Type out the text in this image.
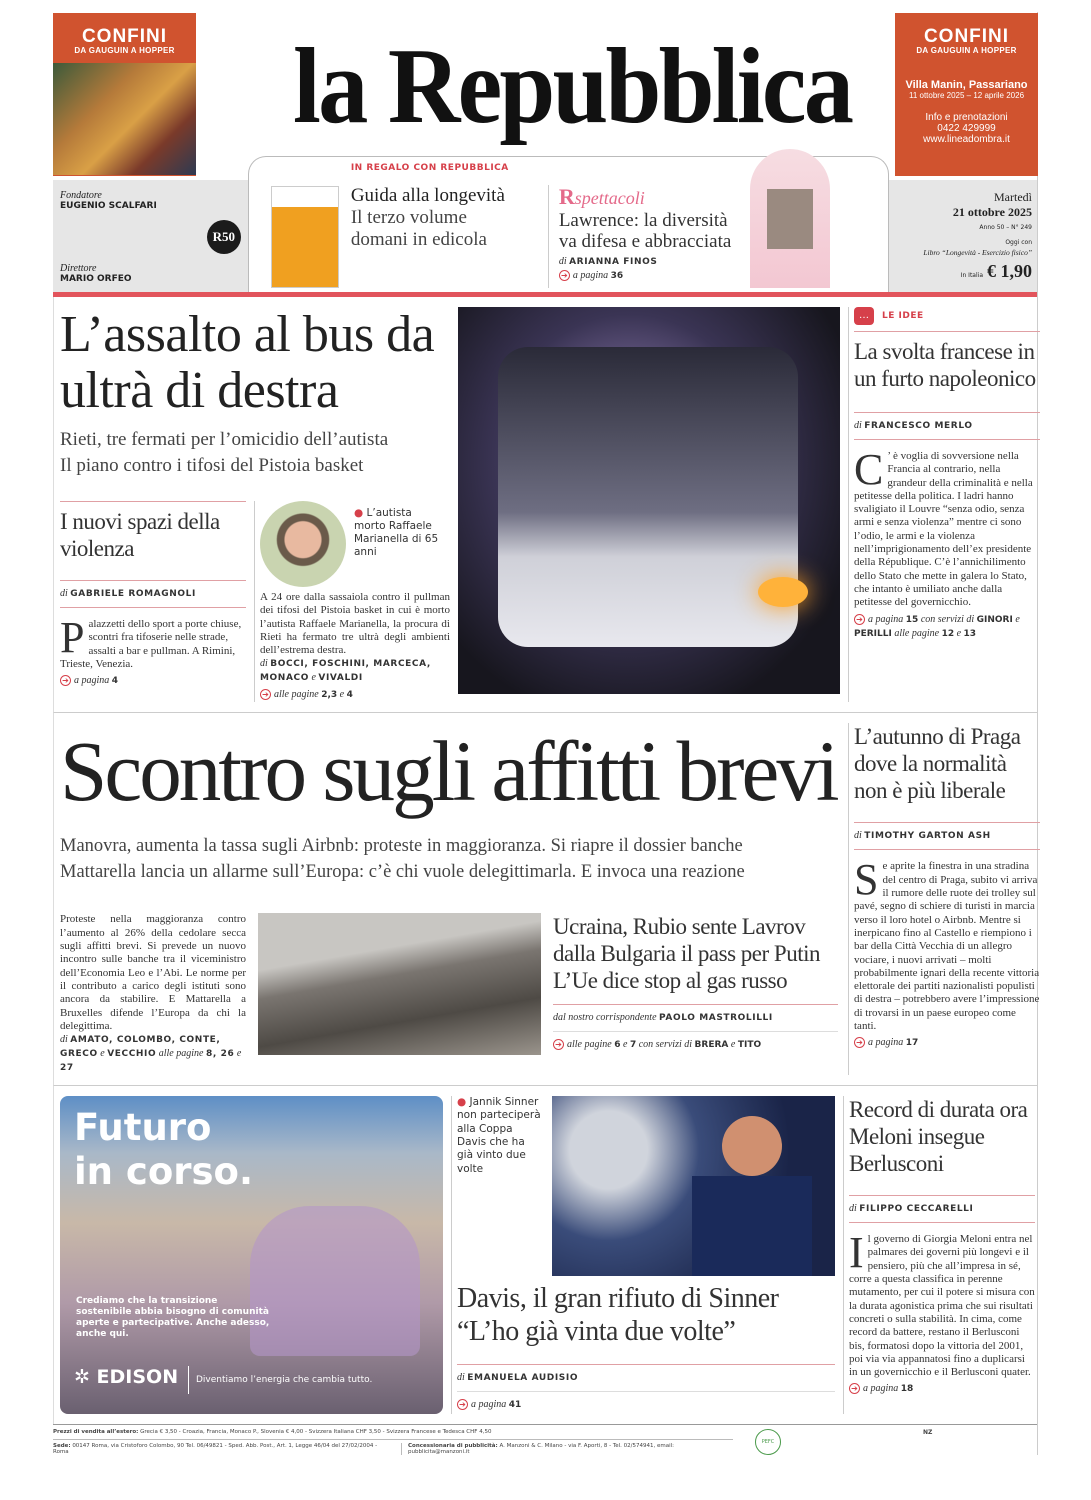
CONFINI
DA GAUGUIN A HOPPER la Repubblica	CONFINI
DA GAUGUIN A HOPPER
Villa Manin, Passariano
11 ottobre 2025 – 12 aprile 2026
Info e prenotazioni
0422 429999
www.lineadombra.it
Fondatore
EUGENIO SCALFARI
Direttore
MARIO ORFEO
R50
IN REGALO CON REPUBBLICA
Guida alla longevità
Il terzo volume
domani in edicola
Rspettacoli
Lawrence: la diversità va difesa e abbracciata
di ARIANNA FINOS
➔ a pagina 36
Martedì
21 ottobre 2025
Anno 50 – N° 249
Oggi con
Libro “Longevità - Esercizio fisico”
In Italia € 1,90
L’assalto al bus da ultrà di destra
Rieti, tre fermati per l’omicidio dell’autista
Il piano contro i tifosi del Pistoia basket
I nuovi spazi della violenza
di GABRIELE ROMAGNOLI
Palazzetti dello sport a porte chiuse, scontri fra tifoserie nelle strade, assalti a bar e pullman. A Rimini, Trieste, Venezia.
➔ a pagina 4
● L’autista morto Raffaele Marianella di 65 anni
A 24 ore dalla sassaiola contro il pullman dei tifosi del Pistoia basket in cui è morto l’autista Raffaele Marianella, la procura di Rieti ha fermato tre ultrà degli ambienti dell’estrema destra.
di BOCCI, FOSCHINI, MARCECA, MONACO e VIVALDI
➔ alle pagine 2,3 e 4
…	LE IDEE
La svolta francese in un furto napoleonico
di FRANCESCO MERLO
C ’ è voglia di sovversione nella Francia al contrario, nella grandeur della criminalità e nella petitesse della politica. I ladri hanno svaligiato il Louvre “senza odio, senza armi e senza violenza” mentre ci sono l’odio, le armi e la violenza nell’imprigionamento dell’ex presidente della République. C’è l’annichilimento dello Stato che mette in galera lo Stato, che intanto è umiliato anche dalla petitesse del governicchio.
➔ a pagina 15 con servizi di GINORI e PERILLI alle pagine 12 e 13
Scontro sugli affitti brevi
Manovra, aumenta la tassa sugli Airbnb: proteste in maggioranza. Si riapre il dossier banche
Mattarella lancia un allarme sull’Europa: c’è chi vuole delegittimarla. E invoca una reazione
Proteste nella maggioranza contro l’aumento al 26% della cedolare secca sugli affitti brevi. Si prevede un nuovo incontro sulle banche tra il viceministro dell’Economia Leo e l’Abi. Le norme per il contributo a carico degli istituti sono ancora da stabilire. E Mattarella a Bruxelles difende l’Europa da chi la delegittima.
di AMATO, COLOMBO, CONTE, GRECO e VECCHIO alle pagine 8, 26 e 27
Ucraina, Rubio sente Lavrov dalla Bulgaria il pass per Putin L’Ue dice stop al gas russo
dal nostro corrispondente PAOLO MASTROLILLI
➔ alle pagine 6 e 7 con servizi di BRERA e TITO
L’autunno di Praga dove la normalità non è più liberale
di TIMOTHY GARTON ASH
Se aprite la finestra in una stradina del centro di Praga, subito vi arriva il rumore delle ruote dei trolley sul pavé, segno di schiere di turisti in marcia verso il loro hotel o Airbnb. Mentre si inerpicano fino al Castello e riempiono i bar della Città Vecchia di un allegro vociare, i nuovi arrivati – molti probabilmente ignari della recente vittoria elettorale dei partiti nazionalisti populisti di destra – potrebbero avere l’impressione di trovarsi in un paese europeo come tanti.
➔ a pagina 17
Futuro
in corso.
Crediamo che la transizione sostenibile abbia bisogno di comunità aperte e partecipative. Anche adesso, anche qui.
✲ EDISON Diventiamo l’energia che cambia tutto.
● Jannik Sinner non parteciperà alla Coppa Davis che ha già vinto due volte
Davis, il gran rifiuto di Sinner
“L’ho già vinta due volte”
di EMANUELA AUDISIO
➔ a pagina 41
Record di durata ora Meloni insegue Berlusconi
di FILIPPO CECCARELLI
Il governo di Giorgia Meloni entra nel palmares dei governi più longevi e il pensiero, più che all’impresa in sé, corre a questa classifica in perenne mutamento, per cui il potere si misura con la durata agonistica prima che sui risultati concreti o sulla stabilità. In cima, come record da battere, restano il Berlusconi bis, formatosi dopo la vittoria del 2001, poi via via appannatosi fino a duplicarsi in un governicchio e il Berlusconi quater.
➔ a pagina 18
Prezzi di vendita all’estero: Grecia € 3,50 - Croazia, Francia, Monaco P., Slovenia € 4,00 - Svizzera Italiana CHF 3,50 - Svizzera Francese e Tedesca CHF 4,50
Sede: 00147 Roma, via Cristoforo Colombo, 90 Tel. 06/49821 - Sped. Abb. Post., Art. 1, Legge 46/04 del 27/02/2004 - Roma
Concessionaria di pubblicità: A. Manzoni & C. Milano - via F. Aporti, 8 - Tel. 02/574941, email: pubblicita@manzoni.it
PEFC
NZ
